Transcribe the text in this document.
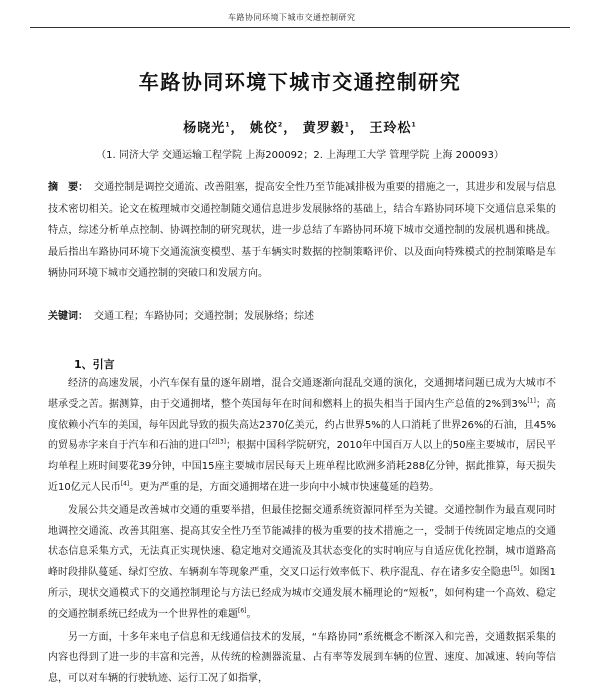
车路协同环境下城市交通控制研究
车路协同环境下城市交通控制研究
杨晓光$^1$， 姚佼$^2$， 黄罗毅$^1$， 王玲松$^1$
（1. 同济大学 交通运输工程学院 上海200092；2. 上海理工大学 管理学院 上海 200093）
摘　要： 交通控制是调控交通流、改善阻塞，提高安全性乃至节能减排极为重要的措施之一，其进步和发展与信息技术密切相关。论文在梳理城市交通控制随交通信息进步发展脉络的基础上，结合车路协同环境下交通信息采集的特点，综述分析单点控制、协调控制的研究现状，进一步总结了车路协同环境下城市交通控制的发展机遇和挑战。最后指出车路协同环境下交通流演变模型、基于车辆实时数据的控制策略评价、以及面向特殊模式的控制策略是车辆协同环境下城市交通控制的突破口和发展方向。
关键词： 交通工程；车路协同；交通控制；发展脉络；综述
1、引言

经济的高速发展，小汽车保有量的逐年剧增，混合交通逐渐向混乱交通的演化，交通拥堵问题已成为大城市不堪承受之苦。据测算，由于交通拥堵，整个英国每年在时间和燃料上的损失相当于国内生产总值的2%到3%[1]；高度依赖小汽车的美国，每年因此导致的损失高达2370亿美元，约占世界5%的人口消耗了世界26%的石油，且45%的贸易赤字来自于汽车和石油的进口[2][3]；根据中国科学院研究，2010年中国百万人以上的50座主要城市，居民平均单程上班时间要花39分钟，中国15座主要城市居民每天上班单程比欧洲多消耗288亿分钟，据此推算，每天损失近10亿元人民币[4]。更为严重的是，方面交通拥堵在进一步向中小城市快速蔓延的趋势。

发展公共交通是改善城市交通的重要举措，但最佳挖掘交通系统资源同样至为关键。交通控制作为最直观同时地调控交通流、改善其阻塞、提高其安全性乃至节能减排的极为重要的技术措施之一，受制于传统固定地点的交通状态信息采集方式，无法真正实现快速、稳定地对交通流及其状态变化的实时响应与自适应优化控制，城市道路高峰时段排队蔓延、绿灯空放、车辆刹车等现象严重，交叉口运行效率低下、秩序混乱、存在诸多安全隐患[5]。如图1所示，现状交通模式下的交通控制理论与方法已经成为城市交通发展木桶理论的“短板”，如何构建一个高效、稳定的交通控制系统已经成为一个世界性的难题[6]。

另一方面，十多年来电子信息和无线通信技术的发展，“车路协同”系统概念不断深入和完善，交通数据采集的内容也得到了进一步的丰富和完善，从传统的检测器流量、占有率等发展到车辆的位置、速度、加减速、转向等信息，可以对车辆的行驶轨迹、运行工况了如指掌，
